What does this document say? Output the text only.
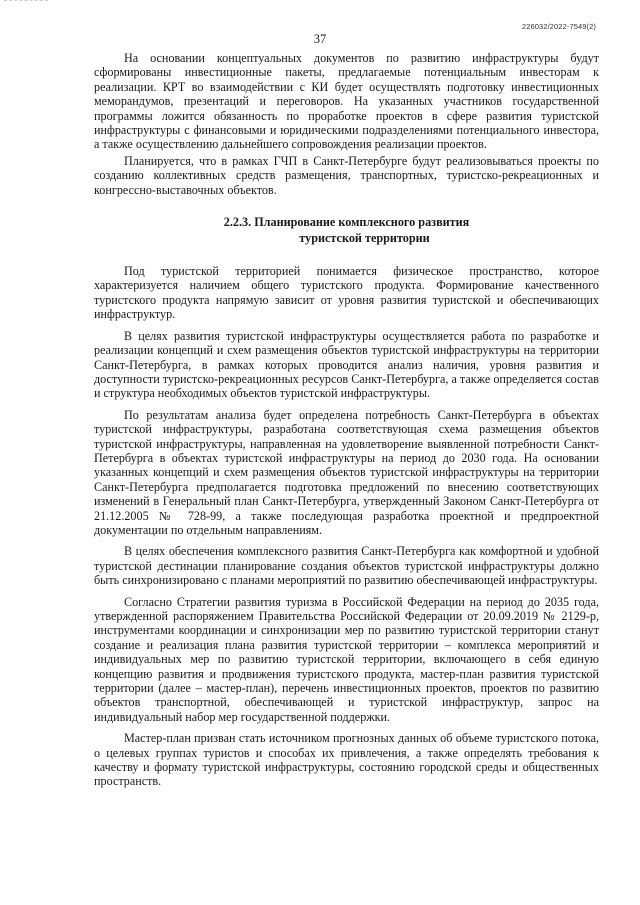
226032/2022-7549(2)
37

На основании концептуальных документов по развитию инфраструктуры будут сформированы инвестиционные пакеты, предлагаемые потенциальным инвесторам к реализации. КРТ во взаимодействии с КИ будет осуществлять подготовку инвестиционных меморандумов, презентаций и переговоров. На указанных участников государственной программы ложится обязанность по проработке проектов в сфере развития туристской инфраструктуры с финансовыми и юридическими подразделениями потенциального инвестора, а также осуществлению дальнейшего сопровождения реализации проектов.

Планируется, что в рамках ГЧП в Санкт-Петербурге будут реализовываться проекты по созданию коллективных средств размещения, транспортных, туристско-рекреационных и конгрессно-выставочных объектов.

2.2.3. Планирование комплексного развития
туристской территории

Под туристской территорией понимается физическое пространство, которое характеризуется наличием общего туристского продукта. Формирование качественного туристского продукта напрямую зависит от уровня развития туристской и обеспечивающих инфраструктур.

В целях развития туристской инфраструктуры осуществляется работа по разработке и реализации концепций и схем размещения объектов туристской инфраструктуры на территории Санкт-Петербурга, в рамках которых проводится анализ наличия, уровня развития и доступности туристско-рекреационных ресурсов Санкт-Петербурга, а также определяется состав и структура необходимых объектов туристской инфраструктуры.

По результатам анализа будет определена потребность Санкт-Петербурга в объектах туристской инфраструктуры, разработана соответствующая схема размещения объектов туристской инфраструктуры, направленная на удовлетворение выявленной потребности Санкт-Петербурга в объектах туристской инфраструктуры на период до 2030 года. На основании указанных концепций и схем размещения объектов туристской инфраструктуры на территории Санкт-Петербурга предполагается подготовка предложений по внесению соответствующих изменений в Генеральный план Санкт-Петербурга, утвержденный Законом Санкт-Петербурга от 21.12.2005 № 728-99, а также последующая разработка проектной и предпроектной документации по отдельным направлениям.

В целях обеспечения комплексного развития Санкт-Петербурга как комфортной и удобной туристской дестинации планирование создания объектов туристской инфраструктуры должно быть синхронизировано с планами мероприятий по развитию обеспечивающей инфраструктуры.

Согласно Стратегии развития туризма в Российской Федерации на период до 2035 года, утвержденной распоряжением Правительства Российской Федерации от 20.09.2019 № 2129-р, инструментами координации и синхронизации мер по развитию туристской территории станут создание и реализация плана развития туристской территории – комплекса мероприятий и индивидуальных мер по развитию туристской территории, включающего в себя единую концепцию развития и продвижения туристского продукта, мастер-план развития туристской территории (далее – мастер-план), перечень инвестиционных проектов, проектов по развитию объектов транспортной, обеспечивающей и туристской инфраструктур, запрос на индивидуальный набор мер государственной поддержки.

Мастер-план призван стать источником прогнозных данных об объеме туристского потока, о целевых группах туристов и способах их привлечения, а также определять требования к качеству и формату туристской инфраструктуры, состоянию городской среды и общественных пространств.
